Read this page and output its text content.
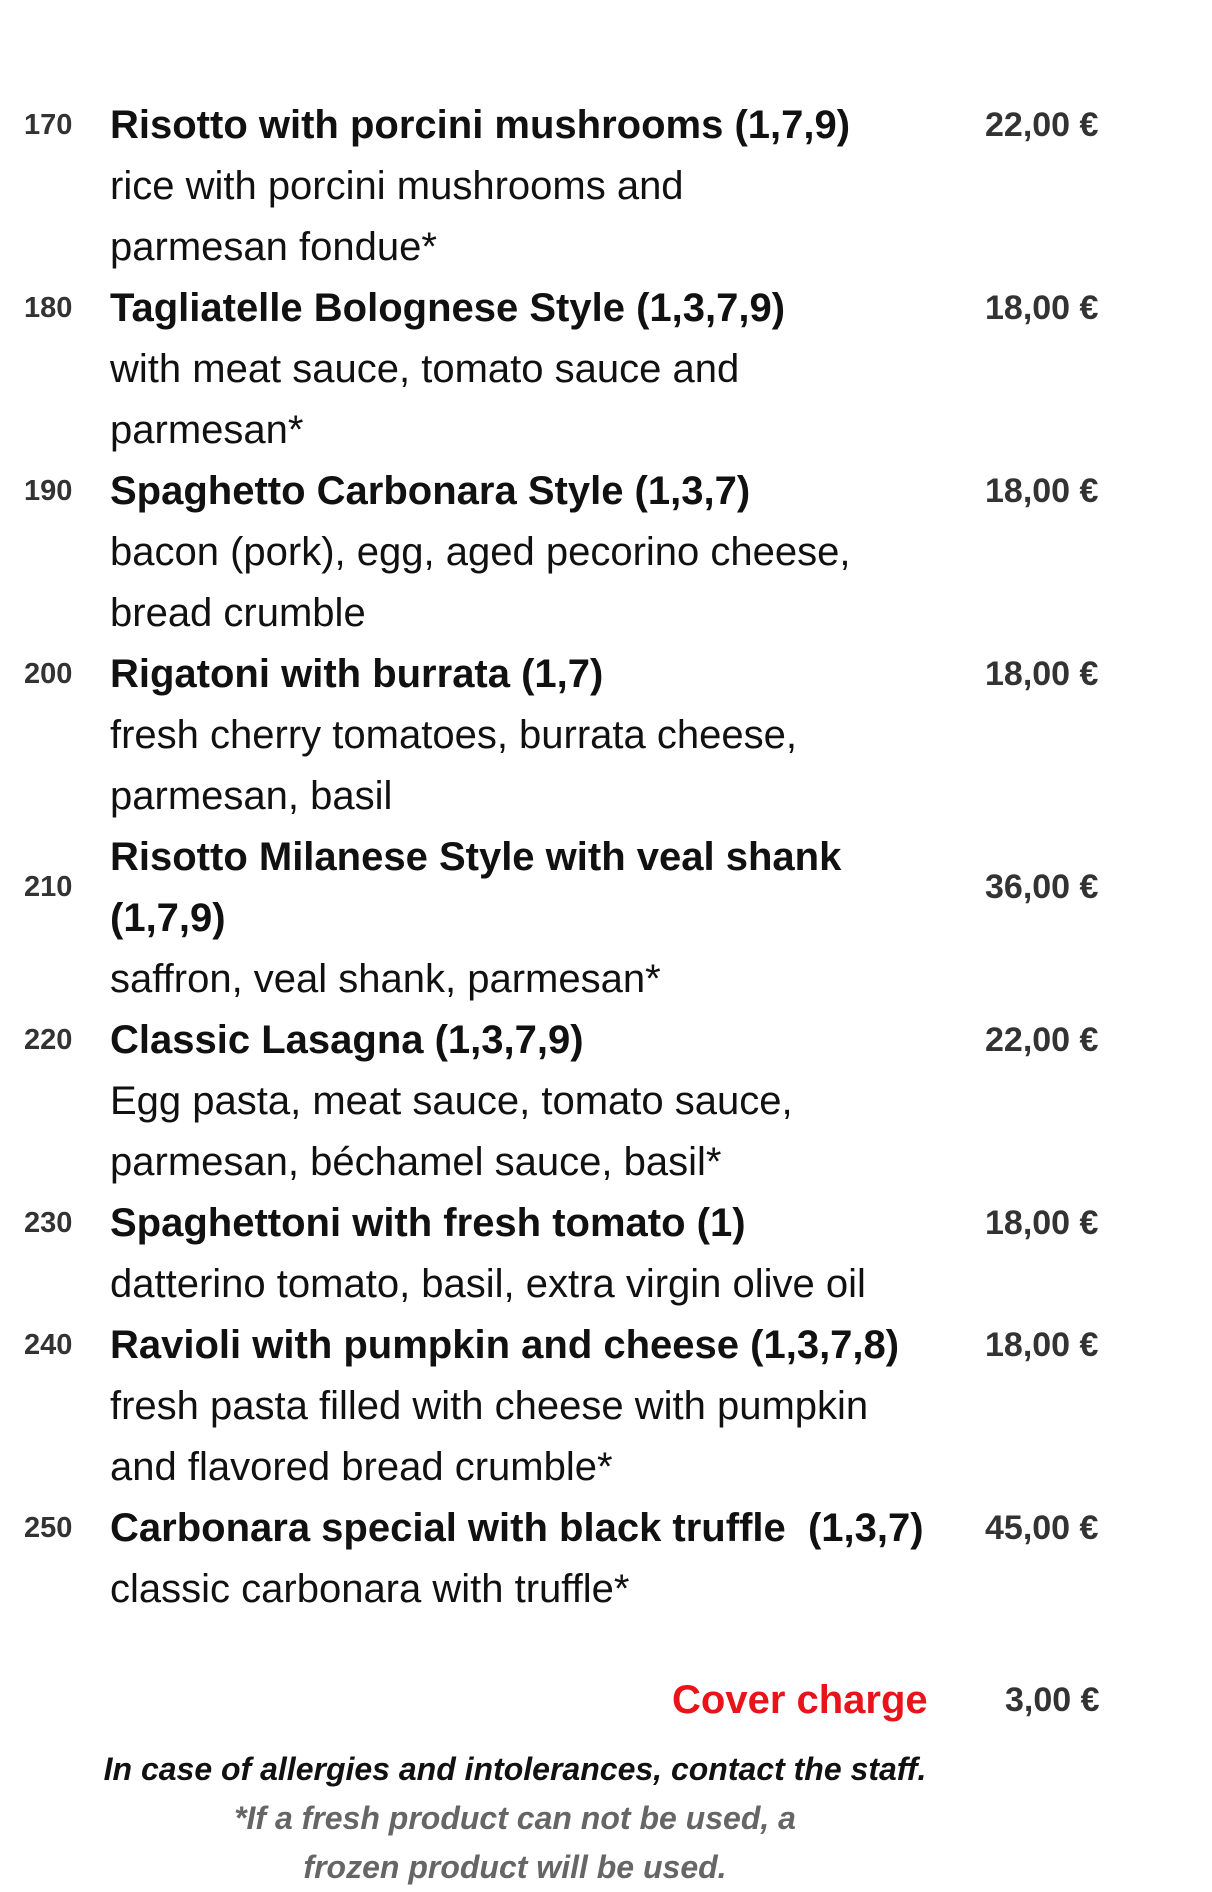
170 Risotto with porcini mushrooms (1,7,9)
rice with porcini mushrooms and parmesan fondue*
22,00 €
180 Tagliatelle Bolognese Style (1,3,7,9)
with meat sauce, tomato sauce and parmesan*
18,00 €
190 Spaghetto Carbonara Style (1,3,7)
bacon (pork), egg, aged pecorino cheese, bread crumble
18,00 €
200 Rigatoni with burrata (1,7)
fresh cherry tomatoes, burrata cheese, parmesan, basil
18,00 €
210
Risotto Milanese Style with veal shank (1,7,9)
saffron, veal shank, parmesan*
36,00 €
220 Classic Lasagna (1,3,7,9)
Egg pasta, meat sauce, tomato sauce, parmesan, béchamel sauce, basil*
22,00 €
230 Spaghettoni with fresh tomato (1)
datterino tomato, basil, extra virgin olive oil
18,00 €
240 Ravioli with pumpkin and cheese (1,3,7,8)
fresh pasta filled with cheese with pumpkin and flavored bread crumble*
18,00 €
250 Carbonara special with black truffle  (1,3,7)
classic carbonara with truffle*
45,00 €
Cover charge 3,00 €
In case of allergies and intolerances, contact the staff.
*If a fresh product can not be used, a frozen product will be used.
